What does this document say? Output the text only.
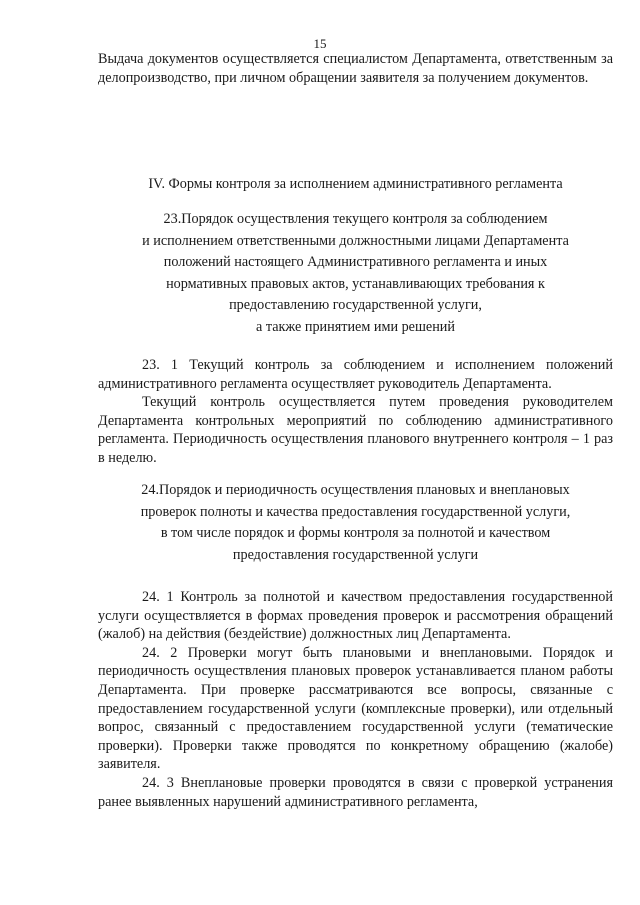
15

Выдача документов осуществляется специалистом Департамента, ответственным за делопроизводство, при личном обращении заявителя за получением документов.

IV. Формы контроля за исполнением административного регламента

23.Порядок осуществления текущего контроля за соблюдением

и исполнением ответственными должностными лицами Департамента

положений настоящего Административного регламента и иных

нормативных правовых актов, устанавливающих требования к

предоставлению государственной услуги,

а также принятием ими решений

23. 1 Текущий контроль за соблюдением и исполнением положений административного регламента осуществляет руководитель Департамента.

Текущий контроль осуществляется путем проведения руководителем Департамента контрольных мероприятий по соблюдению административного регламента. Периодичность осуществления планового внутреннего контроля – 1 раз в неделю.

24.Порядок и периодичность осуществления плановых и внеплановых

проверок полноты и качества предоставления государственной услуги,

в том числе порядок и формы контроля за полнотой и качеством

предоставления государственной услуги

24. 1 Контроль за полнотой и качеством предоставления государственной услуги осуществляется в формах проведения проверок и рассмотрения обращений (жалоб) на действия (бездействие) должностных лиц Департамента.

24. 2 Проверки могут быть плановыми и внеплановыми. Порядок и периодичность осуществления плановых проверок устанавливается планом работы Департамента. При проверке рассматриваются все вопросы, связанные с предоставлением государственной услуги (комплексные проверки), или отдельный вопрос, связанный с предоставлением государственной услуги (тематические проверки). Проверки также проводятся по конкретному обращению (жалобе) заявителя.

24. 3 Внеплановые проверки проводятся в связи с проверкой устранения ранее выявленных нарушений административного регламента,
